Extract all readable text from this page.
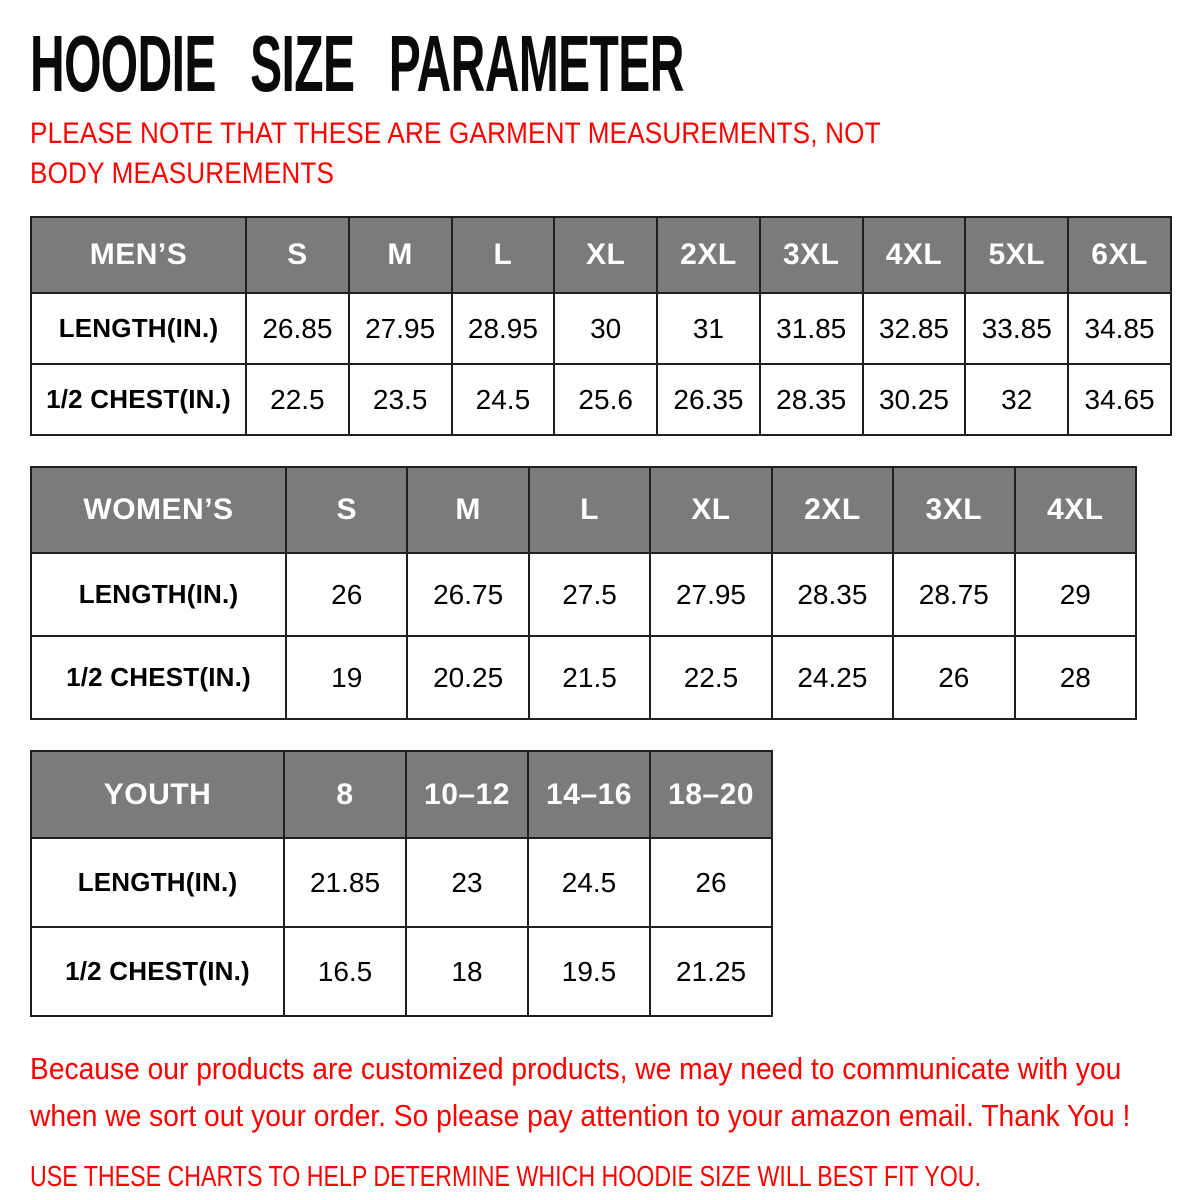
HOODIE SIZE PARAMETER
PLEASE NOTE THAT THESE ARE GARMENT MEASUREMENTS, NOT BODY MEASUREMENTS
MEN’S	S	M	L	XL	2XL	3XL	4XL	5XL	6XL
LENGTH(IN.)	26.85	27.95	28.95	30	31	31.85	32.85	33.85	34.85
1/2 CHEST(IN.)	22.5	23.5	24.5	25.6	26.35	28.35	30.25	32	34.65
WOMEN’S	S	M	L	XL	2XL	3XL	4XL
LENGTH(IN.)	26	26.75	27.5	27.95	28.35	28.75	29
1/2 CHEST(IN.)	19	20.25	21.5	22.5	24.25	26	28
YOUTH	8	10–12	14–16	18–20
LENGTH(IN.)	21.85	23	24.5	26
1/2 CHEST(IN.)	16.5	18	19.5	21.25
Because our products are customized products, we may need to communicate with you when we sort out your order. So please pay attention to your amazon email. Thank You !
USE THESE CHARTS TO HELP DETERMINE WHICH HOODIE SIZE WILL BEST FIT YOU.
